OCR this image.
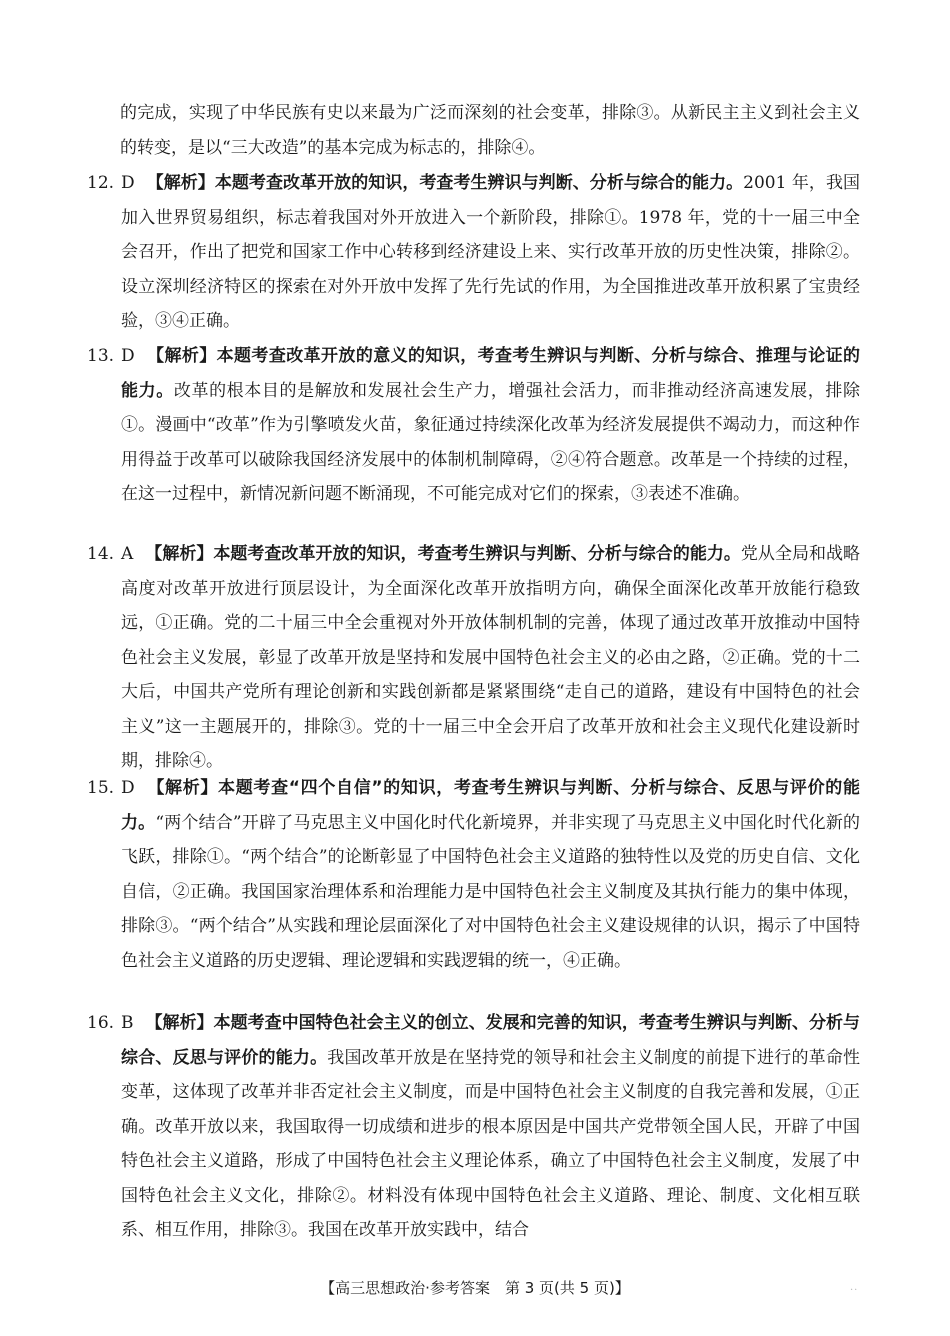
的完成，实现了中华民族有史以来最为广泛而深刻的社会变革，排除③。从新民主主义到社会主义的转变，是以“三大改造”的基本完成为标志的，排除④。
12. D 【解析】本题考查改革开放的知识，考查考生辨识与判断、分析与综合的能力。2001 年，我国加入世界贸易组织，标志着我国对外开放进入一个新阶段，排除①。1978 年，党的十一届三中全会召开，作出了把党和国家工作中心转移到经济建设上来、实行改革开放的历史性决策，排除②。设立深圳经济特区的探索在对外开放中发挥了先行先试的作用，为全国推进改革开放积累了宝贵经验，③④正确。
13. D 【解析】本题考查改革开放的意义的知识，考查考生辨识与判断、分析与综合、推理与论证的能力。改革的根本目的是解放和发展社会生产力，增强社会活力，而非推动经济高速发展，排除①。漫画中“改革”作为引擎喷发火苗，象征通过持续深化改革为经济发展提供不竭动力，而这种作用得益于改革可以破除我国经济发展中的体制机制障碍，②④符合题意。改革是一个持续的过程，在这一过程中，新情况新问题不断涌现，不可能完成对它们的探索，③表述不准确。
14. A 【解析】本题考查改革开放的知识，考查考生辨识与判断、分析与综合的能力。党从全局和战略高度对改革开放进行顶层设计，为全面深化改革开放指明方向，确保全面深化改革开放能行稳致远，①正确。党的二十届三中全会重视对外开放体制机制的完善，体现了通过改革开放推动中国特色社会主义发展，彰显了改革开放是坚持和发展中国特色社会主义的必由之路，②正确。党的十二大后，中国共产党所有理论创新和实践创新都是紧紧围绕“走自己的道路，建设有中国特色的社会主义”这一主题展开的，排除③。党的十一届三中全会开启了改革开放和社会主义现代化建设新时期，排除④。
15. D 【解析】本题考查“四个自信”的知识，考查考生辨识与判断、分析与综合、反思与评价的能力。“两个结合”开辟了马克思主义中国化时代化新境界，并非实现了马克思主义中国化时代化新的飞跃，排除①。“两个结合”的论断彰显了中国特色社会主义道路的独特性以及党的历史自信、文化自信，②正确。我国国家治理体系和治理能力是中国特色社会主义制度及其执行能力的集中体现，排除③。“两个结合”从实践和理论层面深化了对中国特色社会主义建设规律的认识，揭示了中国特色社会主义道路的历史逻辑、理论逻辑和实践逻辑的统一，④正确。
16. B 【解析】本题考查中国特色社会主义的创立、发展和完善的知识，考查考生辨识与判断、分析与综合、反思与评价的能力。我国改革开放是在坚持党的领导和社会主义制度的前提下进行的革命性变革，这体现了改革并非否定社会主义制度，而是中国特色社会主义制度的自我完善和发展，①正确。改革开放以来，我国取得一切成绩和进步的根本原因是中国共产党带领全国人民，开辟了中国特色社会主义道路，形成了中国特色社会主义理论体系，确立了中国特色社会主义制度，发展了中国特色社会主义文化，排除②。材料没有体现中国特色社会主义道路、理论、制度、文化相互联系、相互作用，排除③。我国在改革开放实践中，结合
【高三思想政治·参考答案　第 3 页(共 5 页)】	··
